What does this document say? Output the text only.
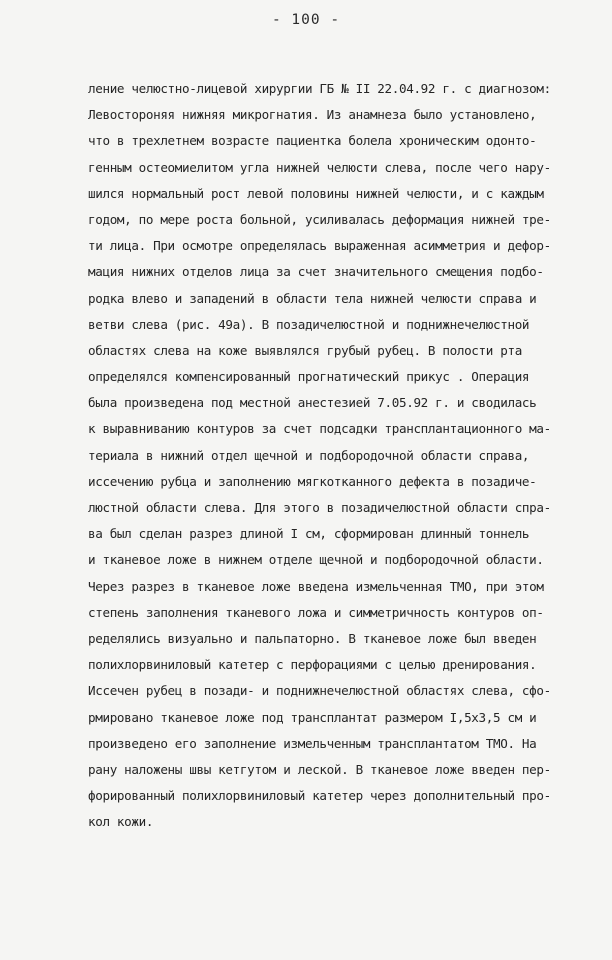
- 100 -
ление челюстно-лицевой хирургии ГБ № II 22.04.92 г. с диагнозом:
Левостороняя нижняя микрогнатия. Из анамнеза было установлено,
что в трехлетнем возрасте пациентка болела хроническим одонто-
генным остеомиелитом угла нижней челюсти слева, после чего нару-
шился нормальный рост левой половины нижней челюсти, и с каждым
годом, по мере роста больной, усиливалась деформация нижней тре-
ти лица. При осмотре определялась выраженная асимметрия и дефор-
мация нижних отделов лица за счет значительного смещения подбо-
родка влево и западений в области тела нижней челюсти справа и
ветви слева (рис. 49а). В позадичелюстной и поднижнечелюстной
областях слева на коже выявлялся грубый рубец. В полости рта
определялся компенсированный прогнатический прикус . Операция
была произведена под местной анестезией 7.05.92 г. и сводилась
к выравниванию контуров за счет подсадки трансплантационного ма-
териала в нижний отдел щечной и подбородочной области справа,
иссечению рубца и заполнению мягкотканного дефекта в позадиче-
люстной области слева. Для этого в позадичелюстной области спра-
ва был сделан разрез длиной I см, сформирован длинный тоннель
и тканевое ложе в нижнем отделе щечной и подбородочной области.
Через разрез в тканевое ложе введена измельченная ТМО, при этом
степень заполнения тканевого ложа и симметричность контуров оп-
ределялись визуально и пальпаторно. В тканевое ложе был введен
полихлорвиниловый катетер с перфорациями с целью дренирования.
Иссечен рубец в позади- и поднижнечелюстной областях слева, сфо-
рмировано тканевое ложе под трансплантат размером I,5х3,5 см и
произведено его заполнение измельченным трансплантатом ТМО. На
рану наложены швы кетгутом и леской. В тканевое ложе введен пер-
форированный полихлорвиниловый катетер через дополнительный про-
кол кожи.
